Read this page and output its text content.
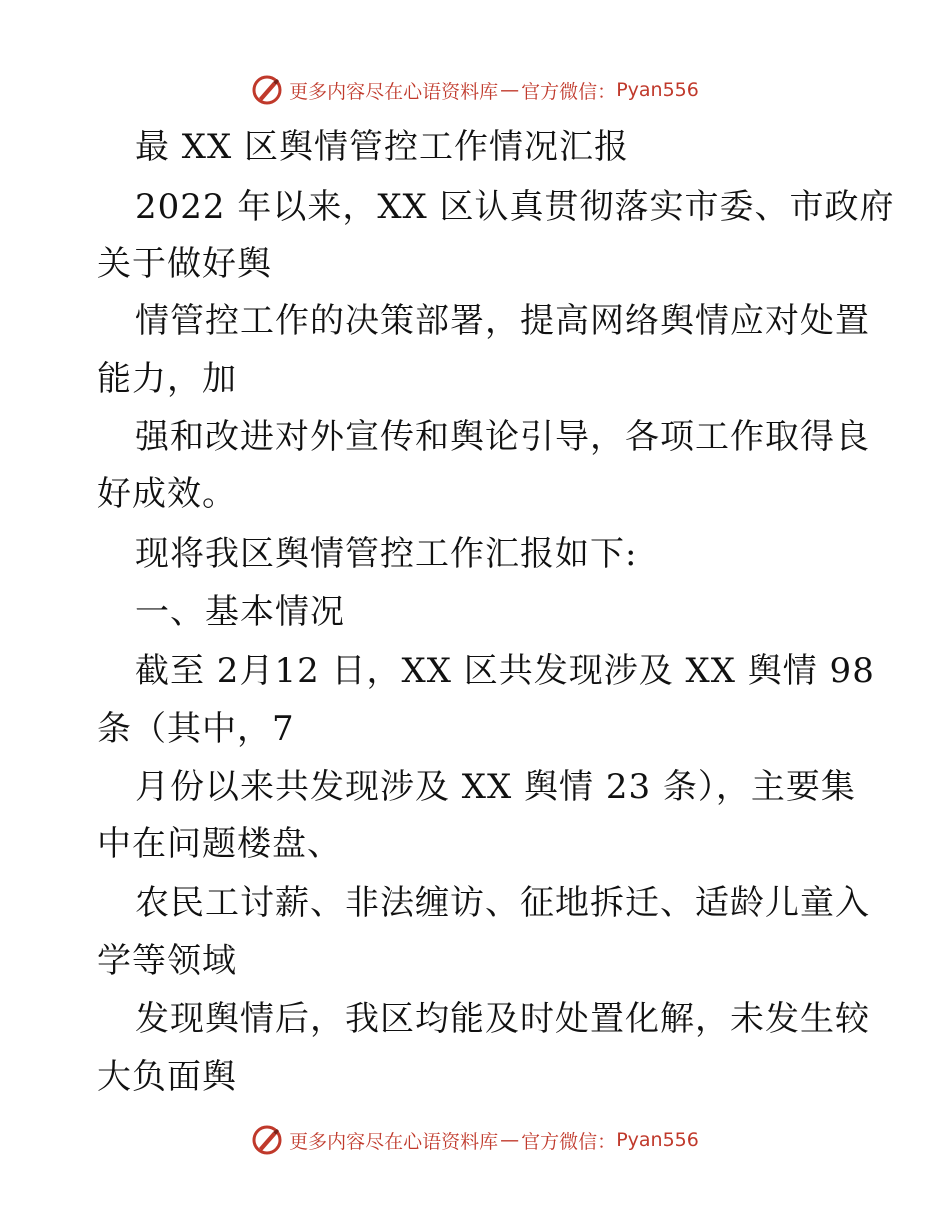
更多内容尽在心语资料库 — 官方微信： Pyan556
最 XX 区舆情管控工作情况汇报
2022 年以来，XX 区认真贯彻落实市委、市政府
关于做好舆
情管控工作的决策部署，提高网络舆情应对处置
能力，加
强和改进对外宣传和舆论引导，各项工作取得良
好成效。
现将我区舆情管控工作汇报如下:
一、基本情况
截至 2月12 日，XX 区共发现涉及 XX 舆情 98
条（其中，7
月份以来共发现涉及 XX 舆情 23 条），主要集
中在问题楼盘、
农民工讨薪、非法缠访、征地拆迁、适龄儿童入
学等领域
发现舆情后，我区均能及时处置化解，未发生较
大负面舆
更多内容尽在心语资料库 — 官方微信： Pyan556
